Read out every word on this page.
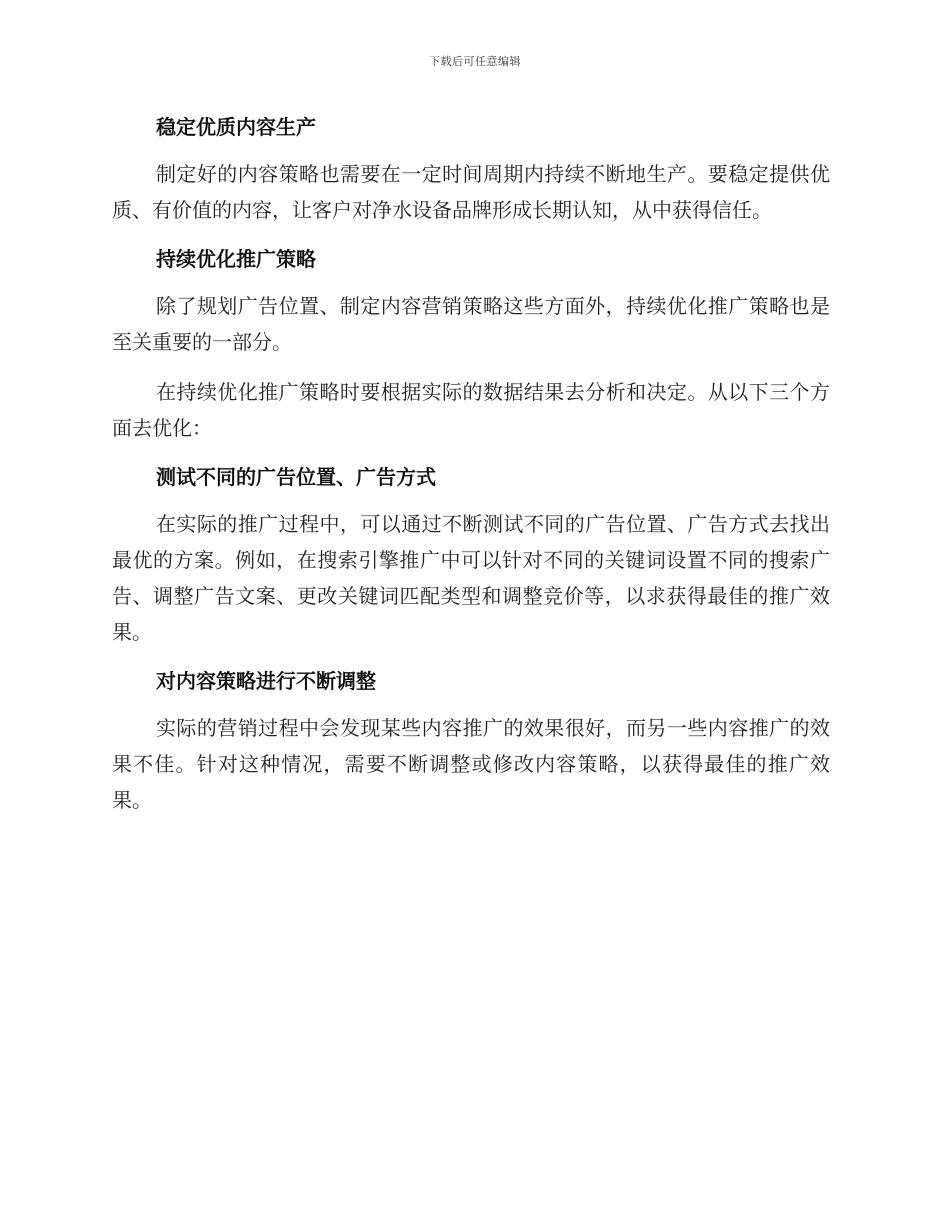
下载后可任意编辑
稳定优质内容生产

制定好的内容策略也需要在一定时间周期内持续不断地生产。要稳定提供优质、有价值的内容，让客户对净水设备品牌形成长期认知，从中获得信任。

持续优化推广策略

除了规划广告位置、制定内容营销策略这些方面外，持续优化推广策略也是至关重要的一部分。

在持续优化推广策略时要根据实际的数据结果去分析和决定。从以下三个方面去优化：

测试不同的广告位置、广告方式

在实际的推广过程中，可以通过不断测试不同的广告位置、广告方式去找出最优的方案。例如，在搜索引擎推广中可以针对不同的关键词设置不同的搜索广告、调整广告文案、更改关键词匹配类型和调整竞价等，以求获得最佳的推广效果。

对内容策略进行不断调整

实际的营销过程中会发现某些内容推广的效果很好，而另一些内容推广的效果不佳。针对这种情况，需要不断调整或修改内容策略，以获得最佳的推广效果。
